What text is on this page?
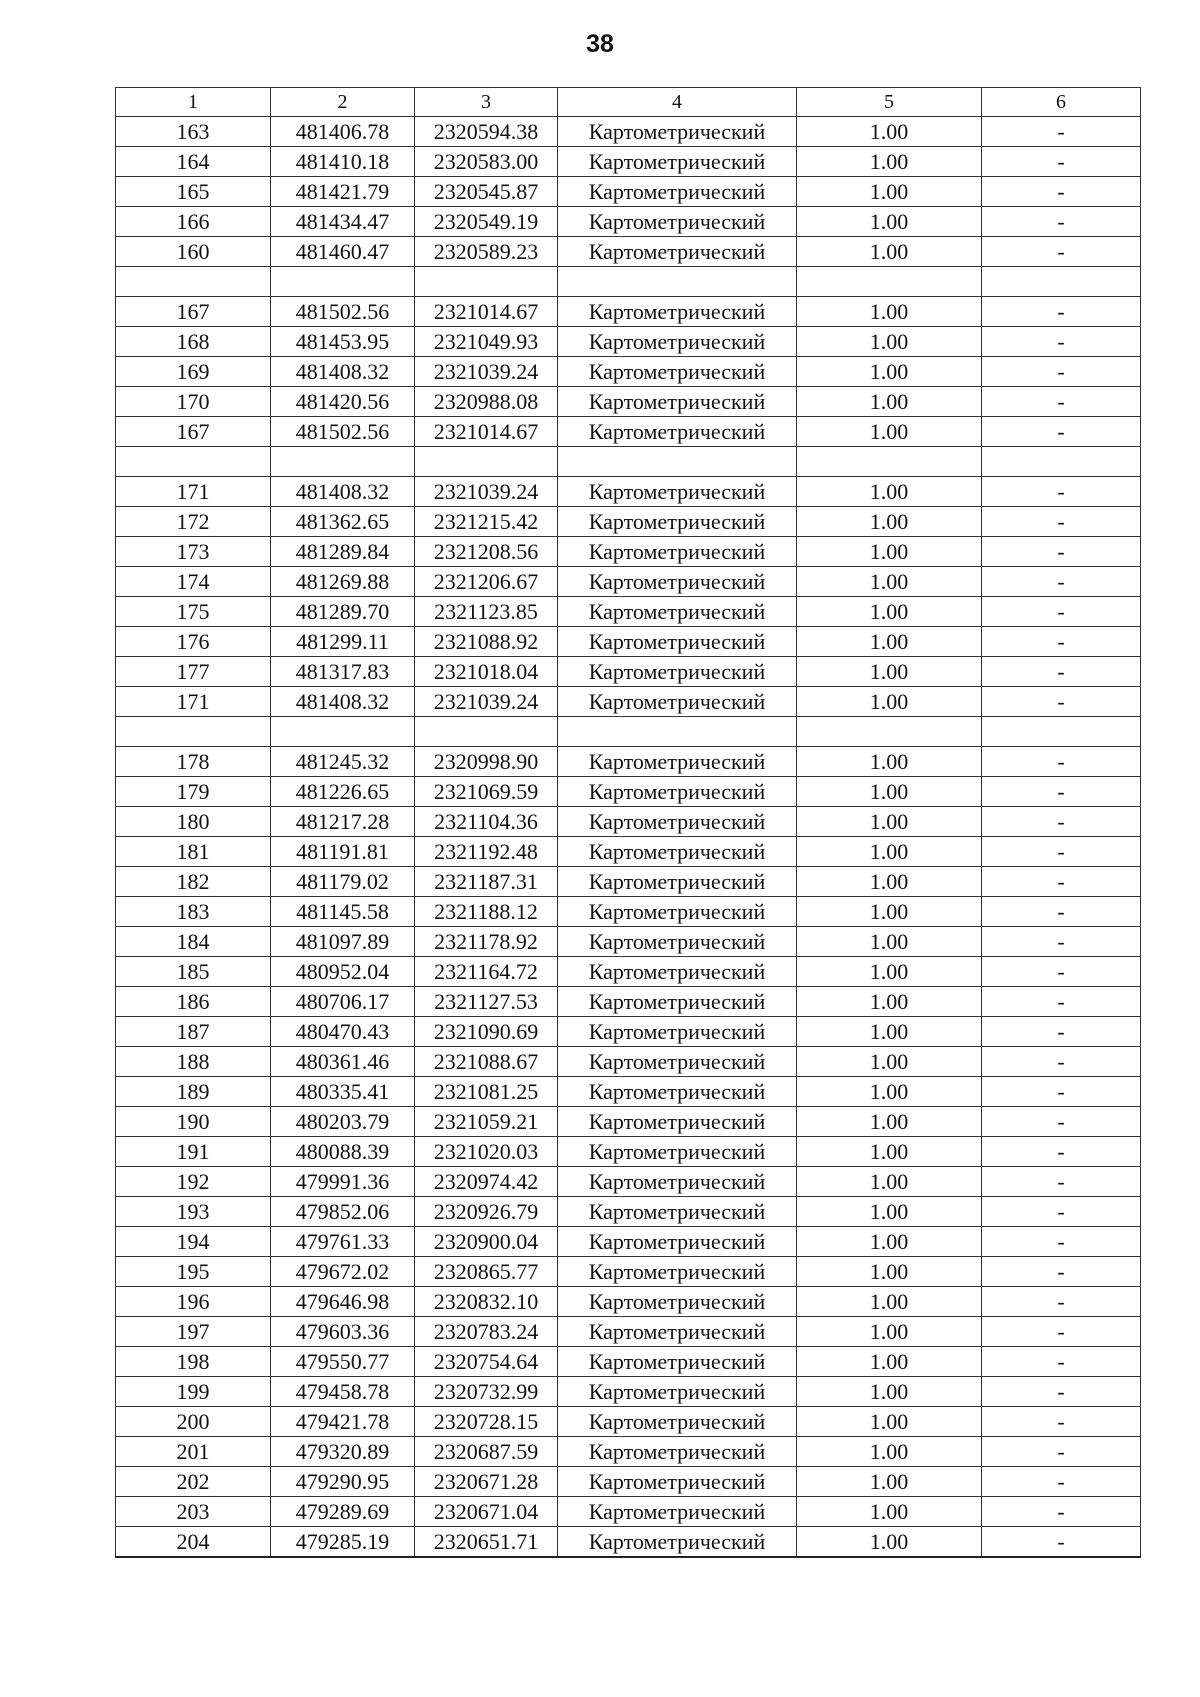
38
1	2	3	4	5	6
163	481406.78	2320594.38	Картометрический	1.00	-
164	481410.18	2320583.00	Картометрический	1.00	-
165	481421.79	2320545.87	Картометрический	1.00	-
166	481434.47	2320549.19	Картометрический	1.00	-
160	481460.47	2320589.23	Картометрический	1.00	-

167	481502.56	2321014.67	Картометрический	1.00	-
168	481453.95	2321049.93	Картометрический	1.00	-
169	481408.32	2321039.24	Картометрический	1.00	-
170	481420.56	2320988.08	Картометрический	1.00	-
167	481502.56	2321014.67	Картометрический	1.00	-

171	481408.32	2321039.24	Картометрический	1.00	-
172	481362.65	2321215.42	Картометрический	1.00	-
173	481289.84	2321208.56	Картометрический	1.00	-
174	481269.88	2321206.67	Картометрический	1.00	-
175	481289.70	2321123.85	Картометрический	1.00	-
176	481299.11	2321088.92	Картометрический	1.00	-
177	481317.83	2321018.04	Картометрический	1.00	-
171	481408.32	2321039.24	Картометрический	1.00	-

178	481245.32	2320998.90	Картометрический	1.00	-
179	481226.65	2321069.59	Картометрический	1.00	-
180	481217.28	2321104.36	Картометрический	1.00	-
181	481191.81	2321192.48	Картометрический	1.00	-
182	481179.02	2321187.31	Картометрический	1.00	-
183	481145.58	2321188.12	Картометрический	1.00	-
184	481097.89	2321178.92	Картометрический	1.00	-
185	480952.04	2321164.72	Картометрический	1.00	-
186	480706.17	2321127.53	Картометрический	1.00	-
187	480470.43	2321090.69	Картометрический	1.00	-
188	480361.46	2321088.67	Картометрический	1.00	-
189	480335.41	2321081.25	Картометрический	1.00	-
190	480203.79	2321059.21	Картометрический	1.00	-
191	480088.39	2321020.03	Картометрический	1.00	-
192	479991.36	2320974.42	Картометрический	1.00	-
193	479852.06	2320926.79	Картометрический	1.00	-
194	479761.33	2320900.04	Картометрический	1.00	-
195	479672.02	2320865.77	Картометрический	1.00	-
196	479646.98	2320832.10	Картометрический	1.00	-
197	479603.36	2320783.24	Картометрический	1.00	-
198	479550.77	2320754.64	Картометрический	1.00	-
199	479458.78	2320732.99	Картометрический	1.00	-
200	479421.78	2320728.15	Картометрический	1.00	-
201	479320.89	2320687.59	Картометрический	1.00	-
202	479290.95	2320671.28	Картометрический	1.00	-
203	479289.69	2320671.04	Картометрический	1.00	-
204	479285.19	2320651.71	Картометрический	1.00	-
